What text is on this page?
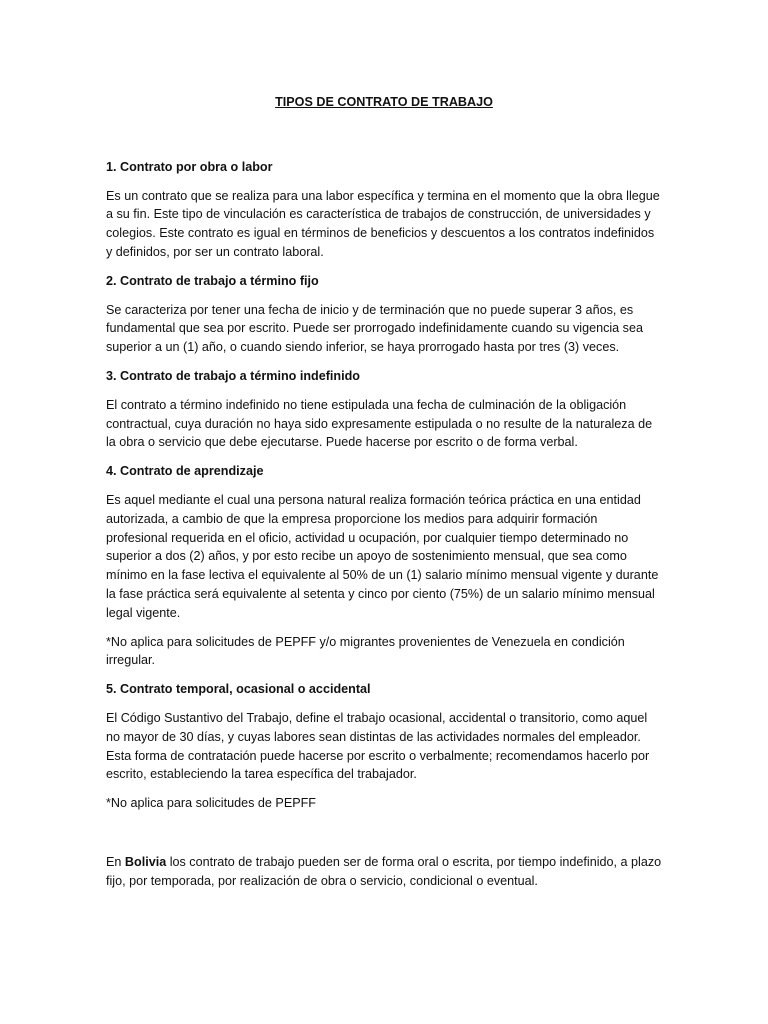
TIPOS DE CONTRATO DE TRABAJO
1. Contrato por obra o labor

Es un contrato que se realiza para una labor específica y termina en el momento que la obra llegue a su fin. Este tipo de vinculación es característica de trabajos de construcción, de universidades y colegios. Este contrato es igual en términos de beneficios y descuentos a los contratos indefinidos y definidos, por ser un contrato laboral.

2. Contrato de trabajo a término fijo

Se caracteriza por tener una fecha de inicio y de terminación que no puede superar 3 años, es fundamental que sea por escrito. Puede ser prorrogado indefinidamente cuando su vigencia sea superior a un (1) año, o cuando siendo inferior, se haya prorrogado hasta por tres (3) veces.

3. Contrato de trabajo a término indefinido

El contrato a término indefinido no tiene estipulada una fecha de culminación de la obligación contractual, cuya duración no haya sido expresamente estipulada o no resulte de la naturaleza de la obra o servicio que debe ejecutarse. Puede hacerse por escrito o de forma verbal.

4. Contrato de aprendizaje

Es aquel mediante el cual una persona natural realiza formación teórica práctica en una entidad autorizada, a cambio de que la empresa proporcione los medios para adquirir formación profesional requerida en el oficio, actividad u ocupación, por cualquier tiempo determinado no superior a dos (2) años, y por esto recibe un apoyo de sostenimiento mensual, que sea como mínimo en la fase lectiva el equivalente al 50% de un (1) salario mínimo mensual vigente y durante la fase práctica será equivalente al setenta y cinco por ciento (75%) de un salario mínimo mensual legal vigente.

*No aplica para solicitudes de PEPFF y/o migrantes provenientes de Venezuela en condición irregular.

5. Contrato temporal, ocasional o accidental

El Código Sustantivo del Trabajo, define el trabajo ocasional, accidental o transitorio, como aquel no mayor de 30 días, y cuyas labores sean distintas de las actividades normales del empleador. Esta forma de contratación puede hacerse por escrito o verbalmente; recomendamos hacerlo por escrito, estableciendo la tarea específica del trabajador.

*No aplica para solicitudes de PEPFF

En Bolivia los contrato de trabajo pueden ser de forma oral o escrita, por tiempo indefinido, a plazo fijo, por temporada, por realización de obra o servicio, condicional o eventual.
